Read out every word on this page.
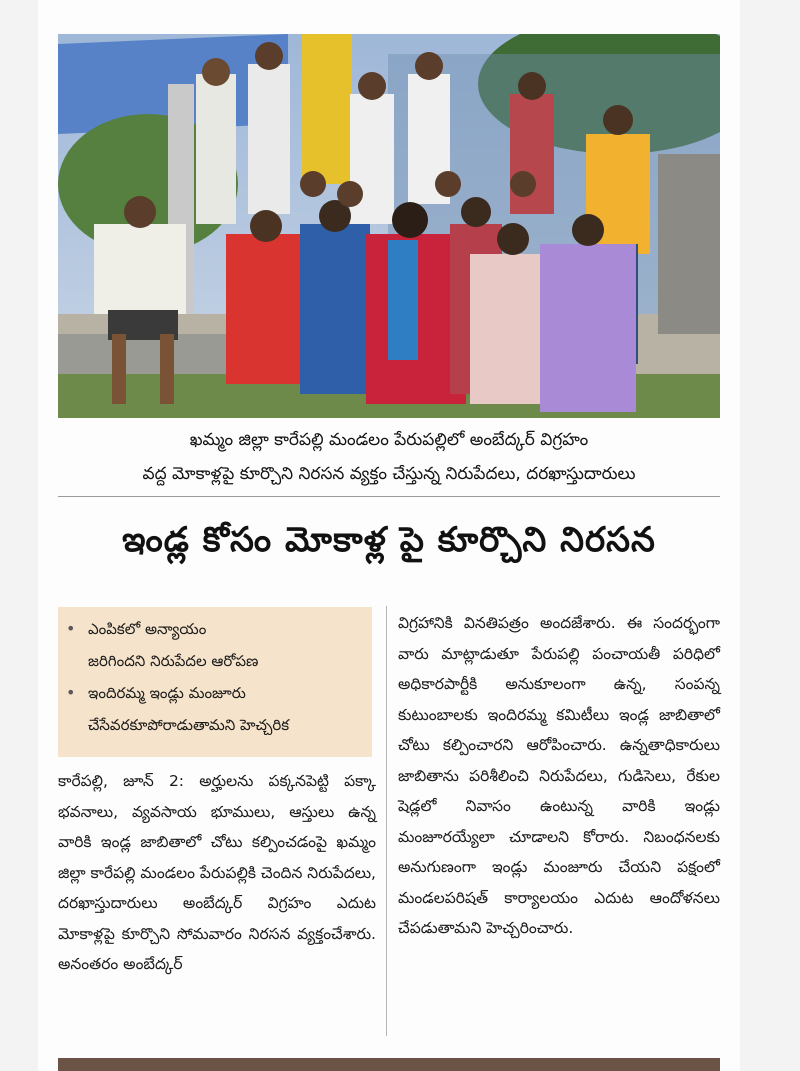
ఖమ్మం జిల్లా కారేపల్లి మండలం పేరుపల్లిలో అంబేద్కర్ విగ్రహం
వద్ద మోకాళ్లపై కూర్చొని నిరసన వ్యక్తం చేస్తున్న నిరుపేదలు, దరఖాస్తుదారులు
ఇండ్ల కోసం మోకాళ్ల పై కూర్చొని నిరసన
• ఎంపికలో అన్యాయం
జరిగిందని నిరుపేదల ఆరోపణ
• ఇందిరమ్మ ఇండ్లు మంజూరు
చేసేవరకూపోరాడుతామని హెచ్చరిక
కారేపల్లి, జూన్ 2: అర్హులను పక్కనపెట్టి పక్కా భవనాలు, వ్యవసాయ భూములు, ఆస్తులు ఉన్న వారికి ఇండ్ల జాబితాలో చోటు కల్పించడంపై ఖమ్మం జిల్లా కారేపల్లి మండలం పేరుపల్లికి చెందిన నిరుపేదలు, దరఖాస్తుదారులు అంబేద్కర్ విగ్రహం ఎదుట మోకాళ్లపై కూర్చొని సోమవారం నిరసన వ్యక్తంచేశారు. అనంతరం అంబేద్కర్
విగ్రహానికి వినతిపత్రం అందజేశారు. ఈ సందర్భంగా వారు మాట్లాడుతూ పేరుపల్లి పంచాయతీ పరిధిలో అధికారపార్టీకి అనుకూలంగా ఉన్న, సంపన్న కుటుంబాలకు ఇందిరమ్మ కమిటీలు ఇండ్ల జాబితాలో చోటు కల్పించారని ఆరోపించారు. ఉన్నతాధికారులు జాబితాను పరిశీలించి నిరుపేదలు, గుడిసెలు, రేకుల షెడ్లలో నివాసం ఉంటున్న వారికి ఇండ్లు మంజూరయ్యేలా చూడాలని కోరారు. నిబంధనలకు అనుగుణంగా ఇండ్లు మంజూరు చేయని పక్షంలో మండలపరిషత్ కార్యాలయం ఎదుట ఆందోళనలు చేపడుతామని హెచ్చరించారు.
